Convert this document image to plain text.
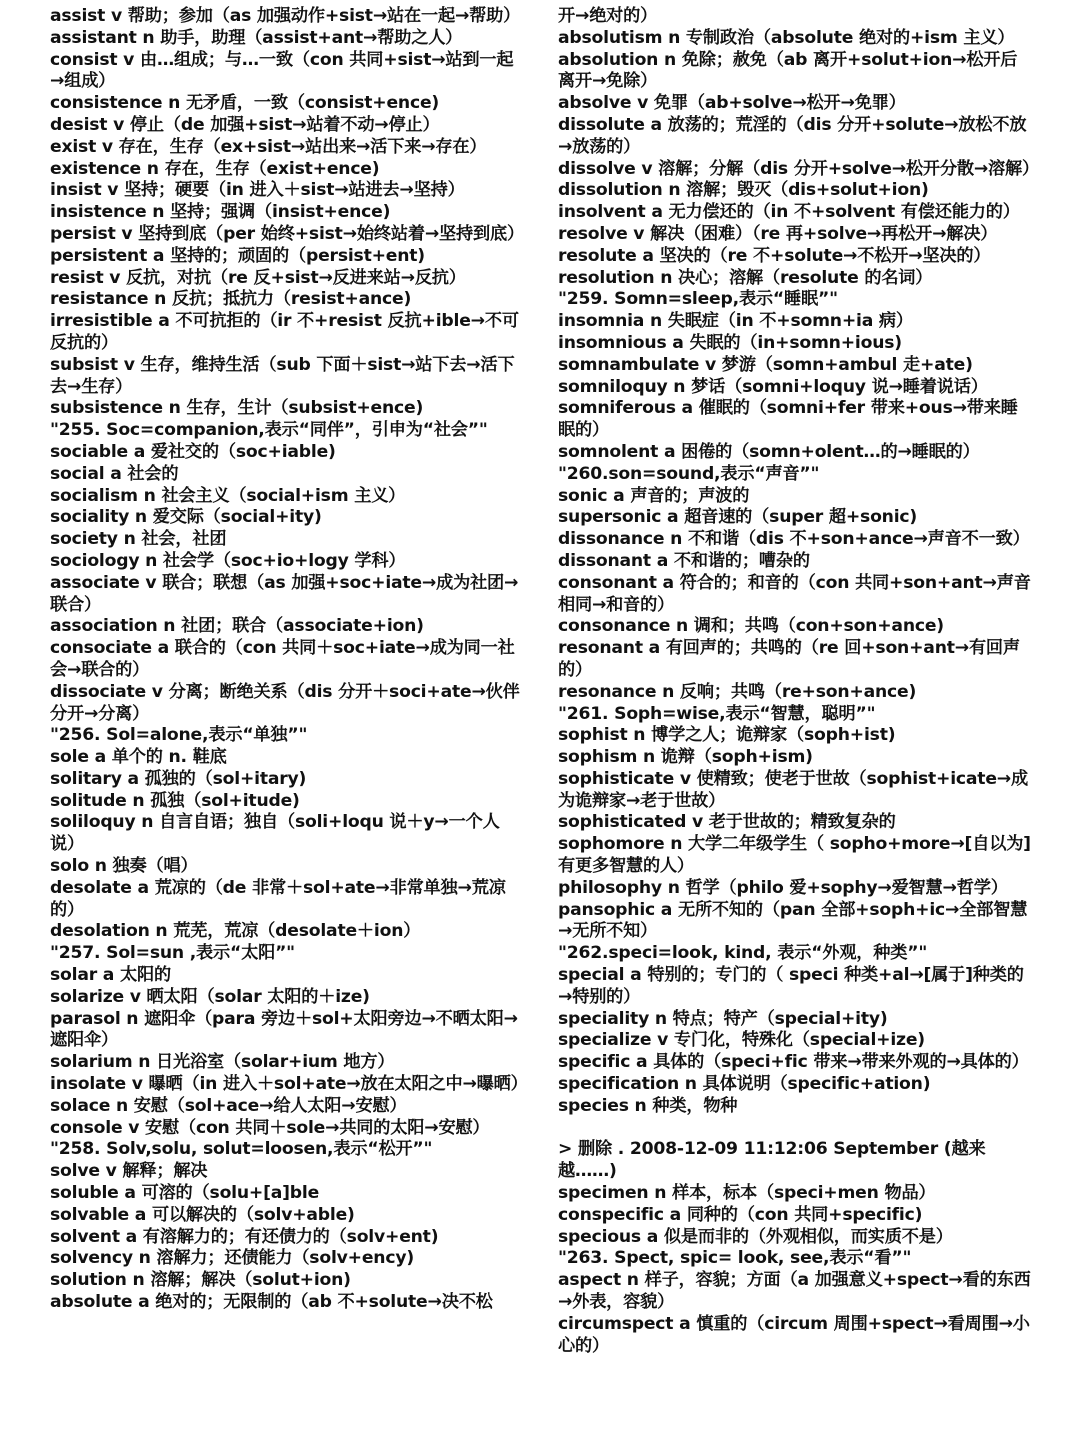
assist v 帮助；参加（as 加强动作+sist→站在一起→帮助）
assistant n 助手，助理（assist+ant→帮助之人）
consist v 由…组成；与…一致（con 共同+sist→站到一起→组成）
consistence n 无矛盾，一致（consist+ence)
desist v 停止（de 加强+sist→站着不动→停止）
exist v 存在，生存（ex+sist→站出来→活下来→存在）
existence n 存在，生存（exist+ence)
insist v 坚持；硬要（in 进入＋sist→站进去→坚持）
insistence n 坚持；强调（insist+ence)
persist v 坚持到底（per 始终+sist→始终站着→坚持到底）
persistent a 坚持的；顽固的（persist+ent)
resist v 反抗，对抗（re 反+sist→反进来站→反抗）
resistance n 反抗；抵抗力（resist+ance)
irresistible a 不可抗拒的（ir 不+resist 反抗+ible→不可反抗的）
subsist v 生存，维持生活（sub 下面＋sist→站下去→活下去→生存）
subsistence n 生存，生计（subsist+ence)
"255. Soc=companion,表示“同伴”，引申为“社会”"
sociable a 爱社交的（soc+iable)
social a 社会的
socialism n 社会主义（social+ism 主义）
sociality n 爱交际（social+ity)
society n 社会，社团
sociology n 社会学（soc+io+logy 学科）
associate v 联合；联想（as 加强+soc+iate→成为社团→联合）
association n 社团；联合（associate+ion)
consociate a 联合的（con 共同＋soc+iate→成为同一社会→联合的）
dissociate v 分离；断绝关系（dis 分开＋soci+ate→伙伴分开→分离）
"256. Sol=alone,表示“单独”"
sole a 单个的 n. 鞋底
solitary a 孤独的（sol+itary)
solitude n 孤独（sol+itude)
soliloquy n 自言自语；独自（soli+loqu 说＋y→一个人说）
solo n 独奏（唱）
desolate a 荒凉的（de 非常＋sol+ate→非常单独→荒凉的）
desolation n 荒芜，荒凉（desolate＋ion）
"257. Sol=sun ,表示“太阳”"
solar a 太阳的
solarize v 晒太阳（solar 太阳的＋ize)
parasol n 遮阳伞（para 旁边＋sol+太阳旁边→不晒太阳→遮阳伞）
solarium n 日光浴室（solar+ium 地方）
insolate v 曝晒（in 进入＋sol+ate→放在太阳之中→曝晒）
solace n 安慰（sol+ace→给人太阳→安慰）
console v 安慰（con 共同＋sole→共同的太阳→安慰）
"258. Solv,solu, solut=loosen,表示“松开”"
solve v 解释；解决
soluble a 可溶的（solu+[a]ble
solvable a 可以解决的（solv+able)
solvent a 有溶解力的；有还债力的（solv+ent)
solvency n 溶解力；还债能力（solv+ency)
solution n 溶解；解决（solut+ion)
absolute a 绝对的；无限制的（ab 不+solute→决不松
开→绝对的）
absolutism n 专制政治（absolute 绝对的+ism 主义）
absolution n 免除；赦免（ab 离开+solut+ion→松开后离开→免除）
absolve v 免罪（ab+solve→松开→免罪）
dissolute a 放荡的；荒淫的（dis 分开+solute→放松不放→放荡的）
dissolve v 溶解；分解（dis 分开+solve→松开分散→溶解）
dissolution n 溶解；毁灭（dis+solut+ion)
insolvent a 无力偿还的（in 不+solvent 有偿还能力的）
resolve v 解决（困难）（re 再+solve→再松开→解决）
resolute a 坚决的（re 不+solute→不松开→坚决的）
resolution n 决心；溶解（resolute 的名词）
"259. Somn=sleep,表示“睡眠”"
insomnia n 失眠症（in 不+somn+ia 病）
insomnious a 失眠的（in+somn+ious)
somnambulate v 梦游（somn+ambul 走+ate)
somniloquy n 梦话（somni+loquy 说→睡着说话）
somniferous a 催眠的（somni+fer 带来+ous→带来睡眠的）
somnolent a 困倦的（somn+olent…的→睡眠的）
"260.son=sound,表示“声音”"
sonic a 声音的；声波的
supersonic a 超音速的（super 超+sonic)
dissonance n 不和谐（dis 不+son+ance→声音不一致）
dissonant a 不和谐的；嘈杂的
consonant a 符合的；和音的（con 共同+son+ant→声音相同→和音的）
consonance n 调和；共鸣（con+son+ance)
resonant a 有回声的；共鸣的（re 回+son+ant→有回声的）
resonance n 反响；共鸣（re+son+ance)
"261. Soph=wise,表示“智慧，聪明”"
sophist n 博学之人；诡辩家（soph+ist)
sophism n 诡辩（soph+ism)
sophisticate v 使精致；使老于世故（sophist+icate→成为诡辩家→老于世故）
sophisticated v 老于世故的；精致复杂的
sophomore n 大学二年级学生（ sopho+more→[自以为]有更多智慧的人）
philosophy n 哲学（philo 爱+sophy→爱智慧→哲学）
pansophic a 无所不知的（pan 全部+soph+ic→全部智慧→无所不知）
"262.speci=look, kind, 表示“外观，种类”"
special a 特别的；专门的（ speci 种类+al→[属于]种类的→特别的）
speciality n 特点；特产（special+ity)
specialize v 专门化，特殊化（special+ize)
specific a 具体的（speci+fic 带来→带来外观的→具体的）
specification n 具体说明（specific+ation)
species n 种类，物种

> 删除 . 2008-12-09 11:12:06 September (越来越……)
specimen n 样本，标本（speci+men 物品）
conspecific a 同种的（con 共同+specific)
specious a 似是而非的（外观相似，而实质不是）
"263. Spect, spic= look, see,表示“看”"
aspect n 样子，容貌；方面（a 加强意义+spect→看的东西→外表，容貌）
circumspect a 慎重的（circum 周围+spect→看周围→小心的）
